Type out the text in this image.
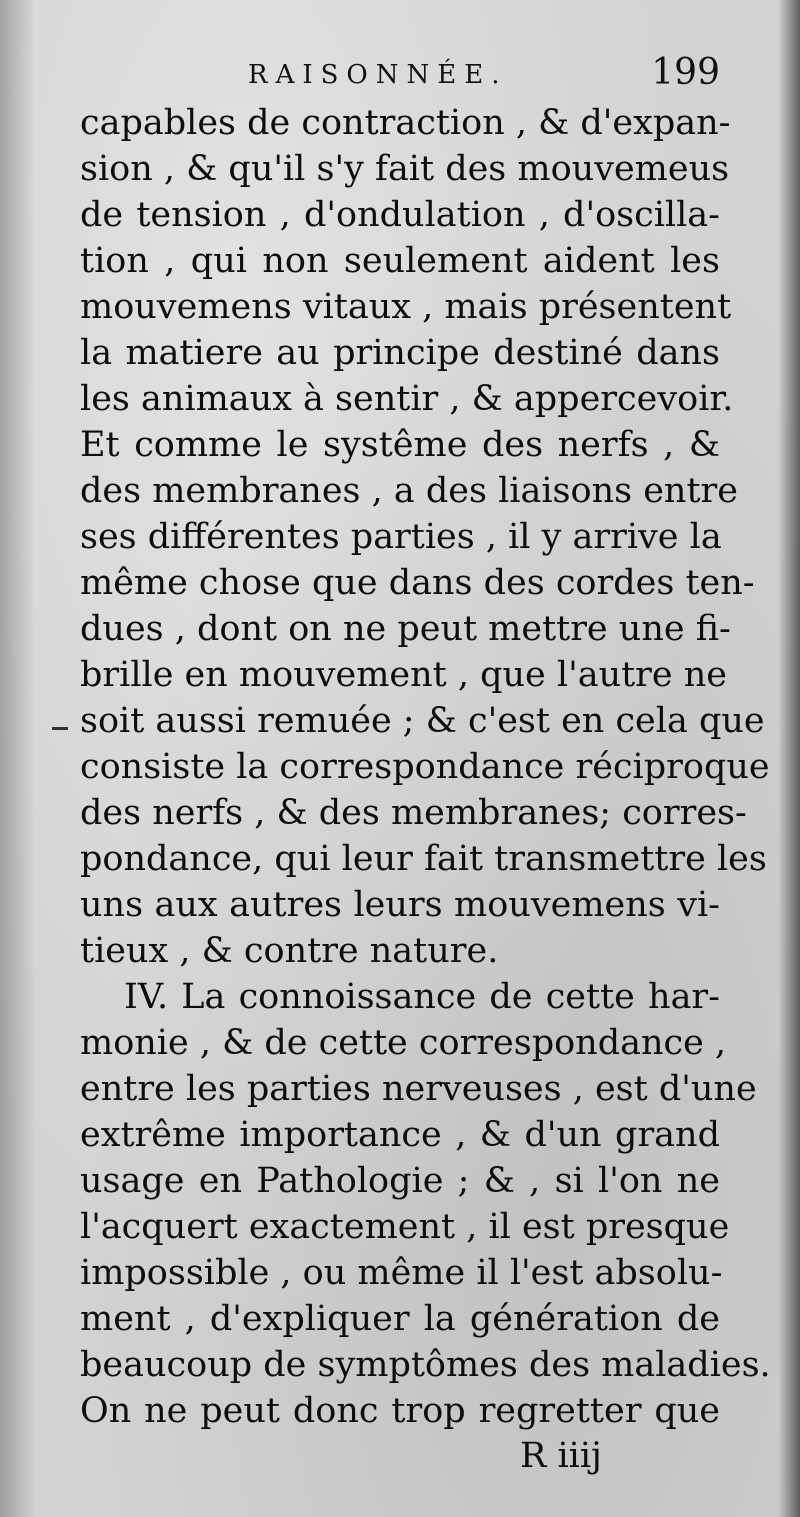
RAISONNÉE.	199
capables de contraction , & d'expan-
sion , & qu'il s'y fait des mouvemeus
de tension , d'ondulation , d'oscilla-
tion , qui non seulement aident les
mouvemens vitaux , mais présentent
la matiere au principe destiné dans
les animaux à sentir , & appercevoir.
Et comme le systême des nerfs , &
des membranes , a des liaisons entre
ses différentes parties , il y arrive la
même chose que dans des cordes ten-
dues , dont on ne peut mettre une fi-
brille en mouvement , que l'autre ne
soit aussi remuée ; & c'est en cela que
consiste la correspondance réciproque
des nerfs , & des membranes; corres-
pondance, qui leur fait transmettre les
uns aux autres leurs mouvemens vi-
tieux , & contre nature.
IV. La connoissance de cette har-
monie , & de cette correspondance ,
entre les parties nerveuses , est d'une
extrême importance , & d'un grand
usage en Pathologie ; & , si l'on ne
l'acquert exactement , il est presque
impossible , ou même il l'est absolu-
ment , d'expliquer la génération de
beaucoup de symptômes des maladies.
On ne peut donc trop regretter que
R iiij
